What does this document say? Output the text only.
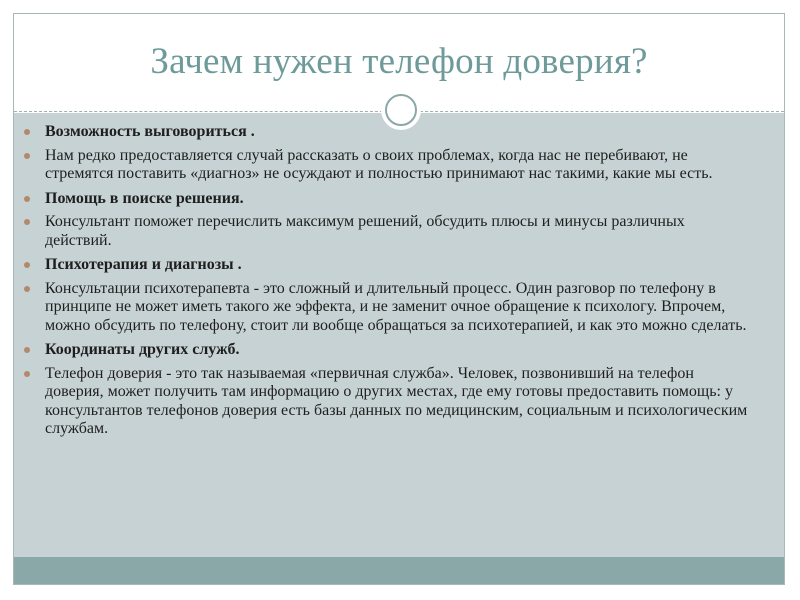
Зачем нужен телефон доверия?
Возможность выговориться .
Нам редко предоставляется случай рассказать о своих проблемах, когда нас не перебивают, не стремятся поставить «диагноз» не осуждают и полностью принимают нас такими, какие мы есть.
Помощь в поиске решения.
Консультант поможет перечислить максимум решений, обсудить плюсы и минусы различных действий.
Психотерапия и диагнозы .
Консультации психотерапевта - это сложный и длительный процесс. Один разговор по телефону в принципе не может иметь такого же эффекта, и не заменит очное обращение к психологу. Впрочем, можно обсудить по телефону, стоит ли вообще обращаться за психотерапией, и как это можно сделать.
Координаты других служб.
Телефон доверия - это так называемая «первичная служба». Человек, позвонивший на телефон доверия, может получить там информацию о других местах, где ему готовы предоставить помощь: у консультантов телефонов доверия есть базы данных по медицинским, социальным и психологическим службам.
